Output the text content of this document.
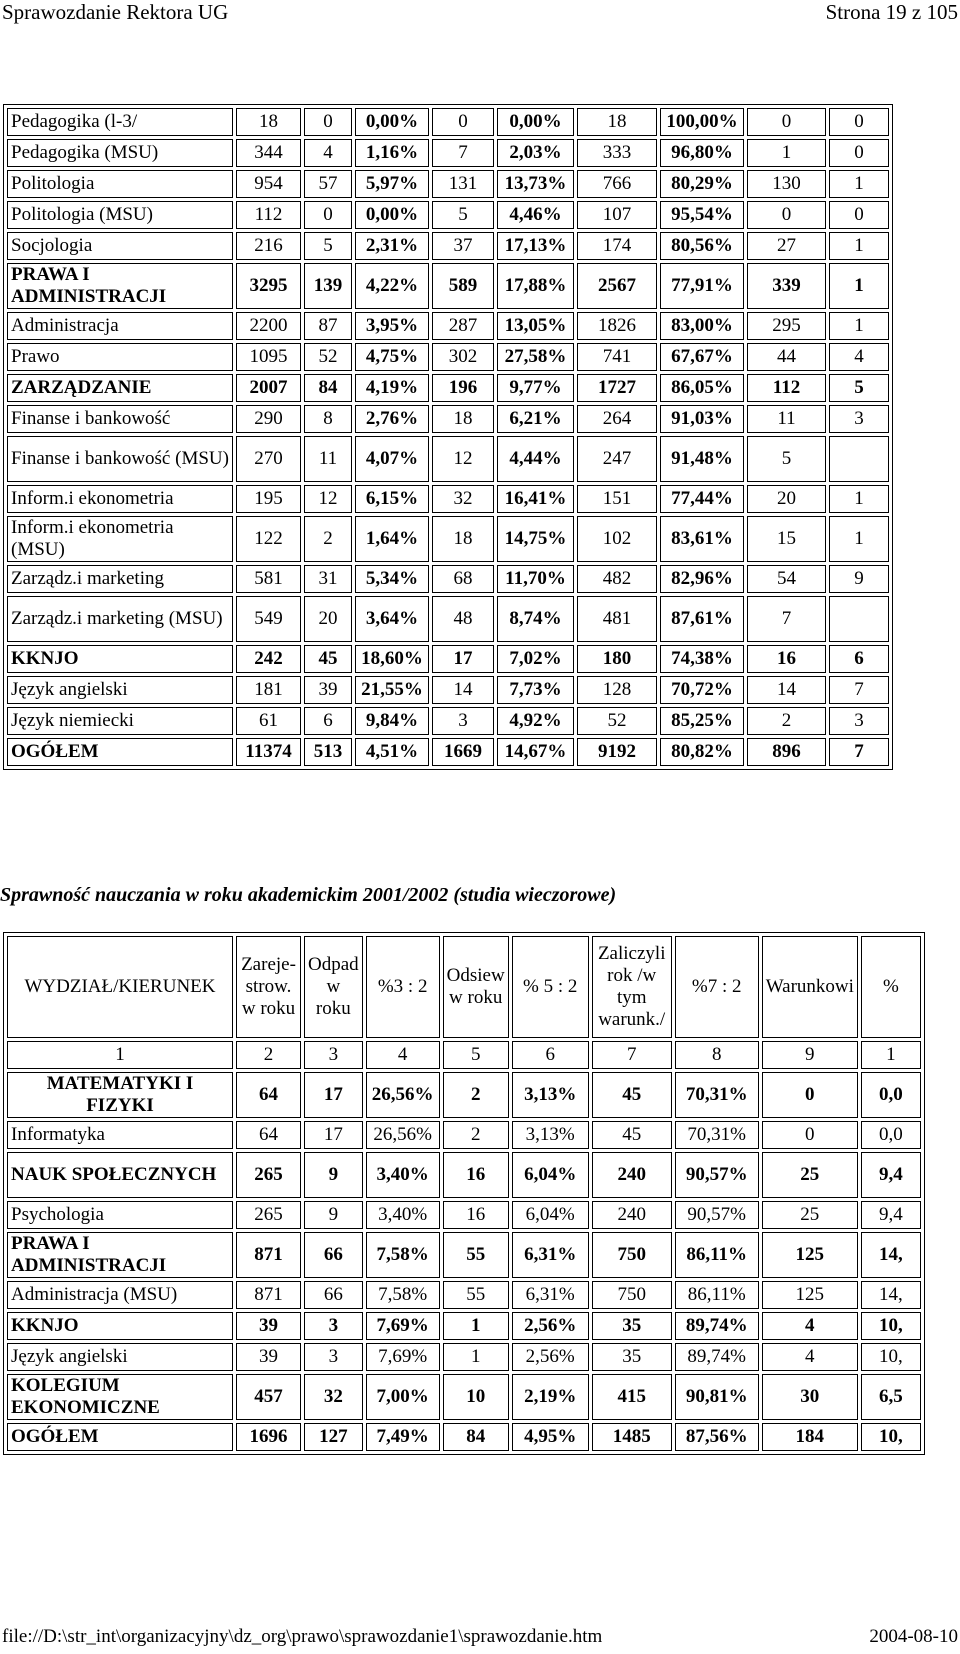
Sprawozdanie Rektora UG	Strona 19 z 105
Pedagogika (l-3/	18	0	0,00%	0	0,00%	18	100,00%	0	0
Pedagogika (MSU)	344	4	1,16%	7	2,03%	333	96,80%	1	0
Politologia	954	57	5,97%	131	13,73%	766	80,29%	130	1
Politologia (MSU)	112	0	0,00%	5	4,46%	107	95,54%	0	0
Socjologia	216	5	2,31%	37	17,13%	174	80,56%	27	1
PRAWA I ADMINISTRACJI	3295	139	4,22%	589	17,88%	2567	77,91%	339	1
Administracja	2200	87	3,95%	287	13,05%	1826	83,00%	295	1
Prawo	1095	52	4,75%	302	27,58%	741	67,67%	44	4
ZARZĄDZANIE	2007	84	4,19%	196	9,77%	1727	86,05%	112	5
Finanse i bankowość	290	8	2,76%	18	6,21%	264	91,03%	11	3
Finanse i bankowość (MSU)	270	11	4,07%	12	4,44%	247	91,48%	5	
Inform.i ekonometria	195	12	6,15%	32	16,41%	151	77,44%	20	1
Inform.i ekonometria (MSU)	122	2	1,64%	18	14,75%	102	83,61%	15	1
Zarządz.i marketing	581	31	5,34%	68	11,70%	482	82,96%	54	9
Zarządz.i marketing (MSU)	549	20	3,64%	48	8,74%	481	87,61%	7	
KKNJO	242	45	18,60%	17	7,02%	180	74,38%	16	6
Język angielski	181	39	21,55%	14	7,73%	128	70,72%	14	7
Język niemiecki	61	6	9,84%	3	4,92%	52	85,25%	2	3
OGÓŁEM	11374	513	4,51%	1669	14,67%	9192	80,82%	896	7
Sprawność nauczania w roku akademickim 2001/2002 (studia wieczorowe)
WYDZIAŁ/KIERUNEK	Zareje-strow. w roku	Odpad w roku	%3 : 2	Odsiew w roku	% 5 : 2	Zaliczyli rok /w tym warunk./	%7 : 2	Warunkowi	%
1	2	3	4	5	6	7	8	9	1
MATEMATYKI I FIZYKI	64	17	26,56%	2	3,13%	45	70,31%	0	0,0
Informatyka	64	17	26,56%	2	3,13%	45	70,31%	0	0,0
NAUK SPOŁECZNYCH	265	9	3,40%	16	6,04%	240	90,57%	25	9,4
Psychologia	265	9	3,40%	16	6,04%	240	90,57%	25	9,4
PRAWA I ADMINISTRACJI	871	66	7,58%	55	6,31%	750	86,11%	125	14,
Administracja (MSU)	871	66	7,58%	55	6,31%	750	86,11%	125	14,
KKNJO	39	3	7,69%	1	2,56%	35	89,74%	4	10,
Język angielski	39	3	7,69%	1	2,56%	35	89,74%	4	10,
KOLEGIUM EKONOMICZNE	457	32	7,00%	10	2,19%	415	90,81%	30	6,5
OGÓŁEM	1696	127	7,49%	84	4,95%	1485	87,56%	184	10,
file://D:\str_int\organizacyjny\dz_org\prawo\sprawozdanie1\sprawozdanie.htm	2004-08-10
